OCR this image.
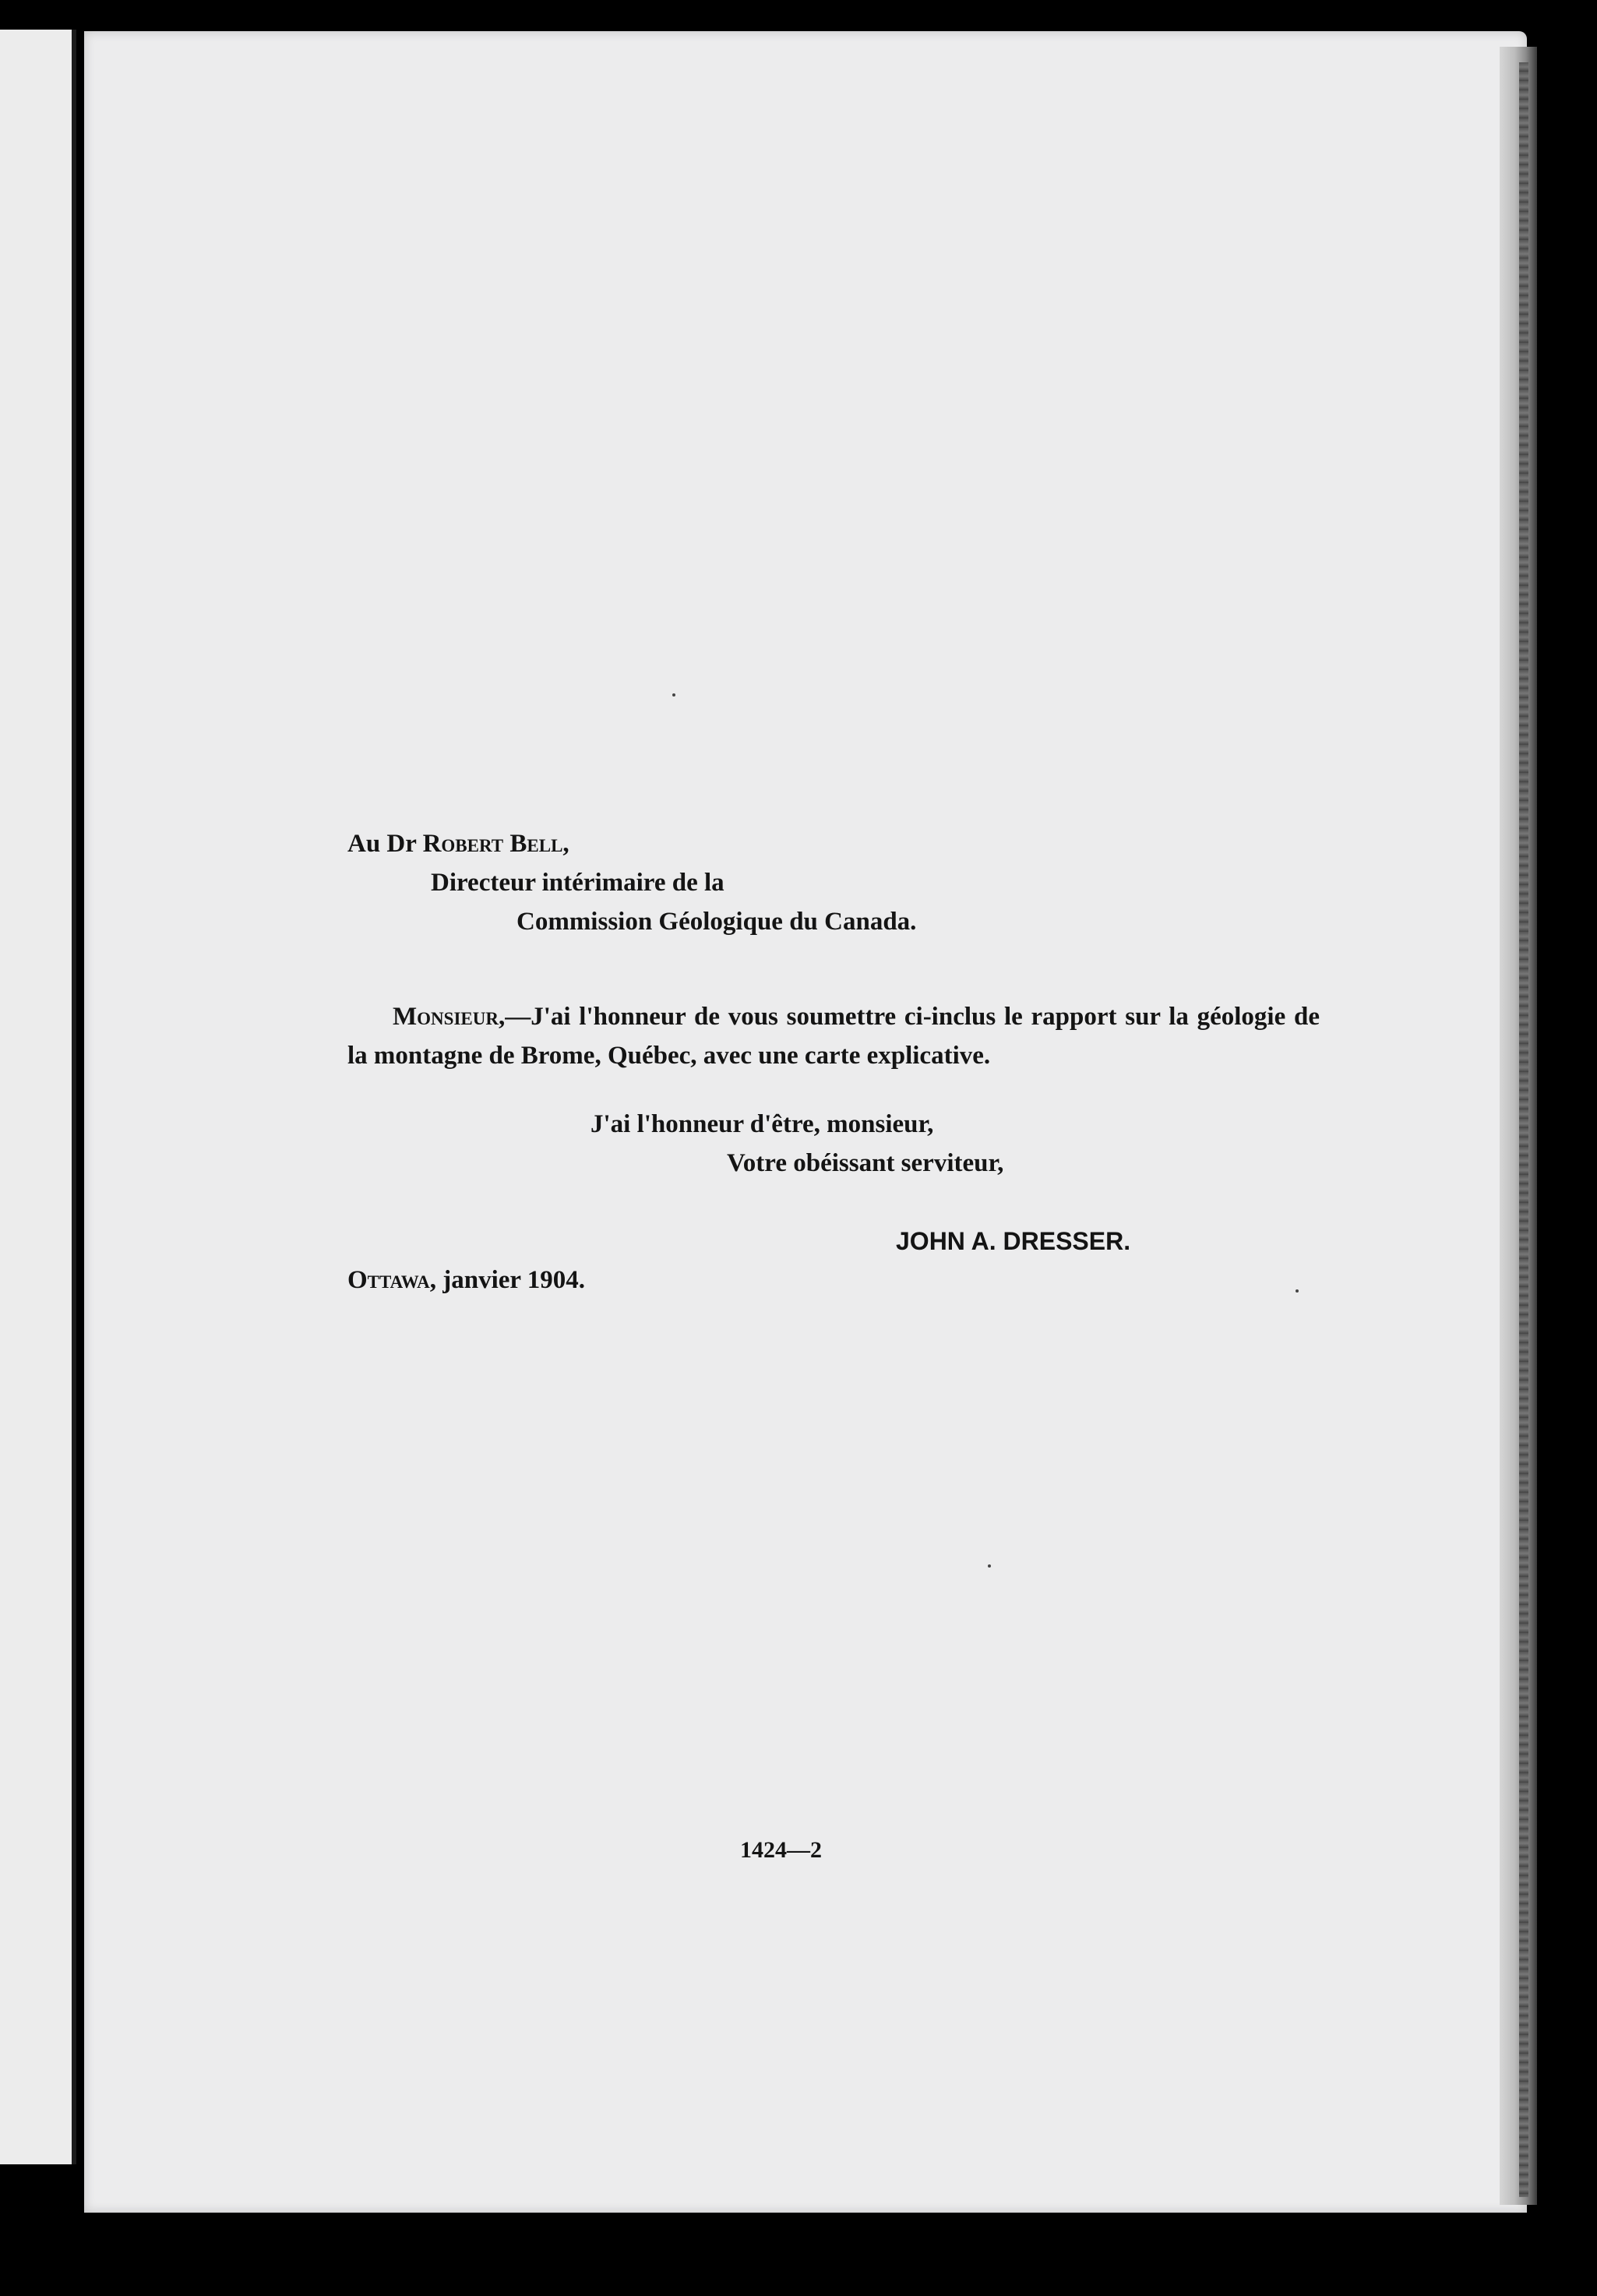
Au Dr Robert Bell,
Directeur intérimaire de la
Commission Géologique du Canada.

Monsieur,—J'ai l'honneur de vous soumettre ci-inclus le rapport sur la géologie de la montagne de Brome, Québec, avec une carte explicative.

J'ai l'honneur d'être, monsieur,
Votre obéissant serviteur,
JOHN A. DRESSER.
Ottawa, janvier 1904.
1424—2
